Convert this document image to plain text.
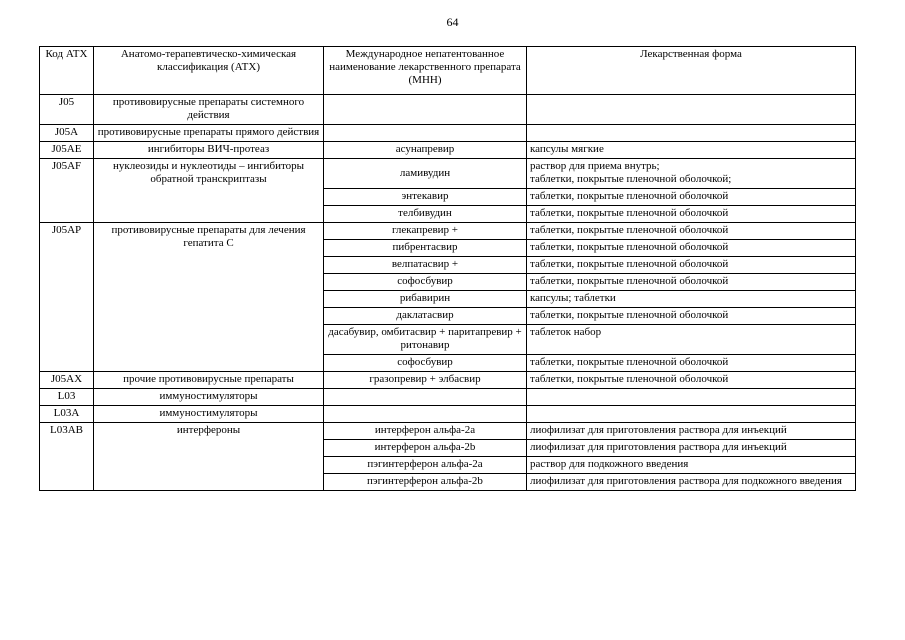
64
Код АТХ	Анатомо-терапевтическо-химическая классификация (АТХ)	Международное непатентованное наименование лекарственного препарата (МНН)	Лекарственная форма
J05	противовирусные препараты системного действия		
J05A	противовирусные препараты прямого действия		
J05AE	ингибиторы ВИЧ-протеаз	асунапревир	капсулы мягкие

J05AF	нуклеозиды и нуклеотиды – ингибиторы обратной транскриптазы	ламивудин	раствор для приема внутрь;
таблетки, покрытые пленочной оболочкой;

		энтекавир	таблетки, покрытые пленочной оболочкой

		телбивудин	таблетки, покрытые пленочной оболочкой

J05AP	противовирусные препараты для лечения гепатита С	глекапревир +	таблетки, покрытые пленочной оболочкой

		пибрентасвир	таблетки, покрытые пленочной оболочкой

		велпатасвир +	таблетки, покрытые пленочной оболочкой

		софосбувир	таблетки, покрытые пленочной оболочкой

		рибавирин	капсулы; таблетки

		даклатасвир	таблетки, покрытые пленочной оболочкой

		дасабувир, омбитасвир + паритапревир + ритонавир	таблеток набор

		софосбувир	таблетки, покрытые пленочной оболочкой

J05AX	прочие противовирусные препараты	гразопревир + элбасвир	таблетки, покрытые пленочной оболочкой

L03	иммуностимуляторы		
L03A	иммуностимуляторы		
L03AB	интерфероны	интерферон альфа-2а	лиофилизат для приготовления раствора для инъекций

		интерферон альфа-2b	лиофилизат для приготовления раствора для инъекций

		пэгинтерферон альфа-2а	раствор для подкожного введения

		пэгинтерферон альфа-2b	лиофилизат для приготовления раствора для подкожного введения
